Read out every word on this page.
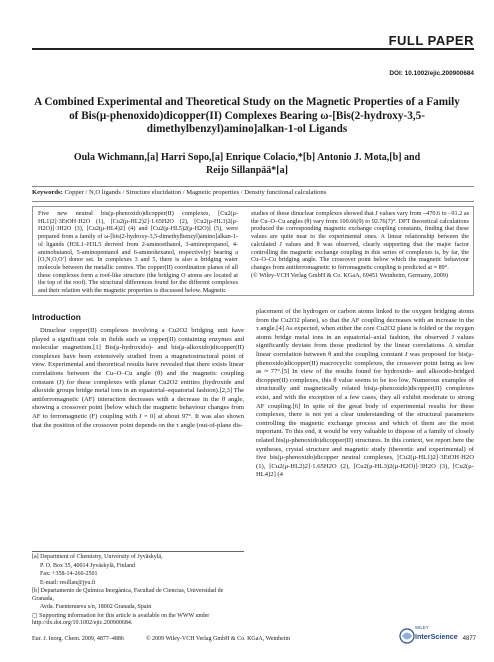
FULL PAPER
DOI: 10.1002/ejic.200900684
A Combined Experimental and Theoretical Study on the Magnetic Properties of a Family of Bis(μ-phenoxido)dicopper(II) Complexes Bearing ω-[Bis(2-hydroxy-3,5-dimethylbenzyl)amino]alkan-1-ol Ligands
Oula Wichmann,[a] Harri Sopo,[a] Enrique Colacio,*[b] Antonio J. Mota,[b] and
Reijo Sillanpää*[a]
Keywords: Copper / N,O ligands / Structure elucidation / Magnetic properties / Density functional calculations
Five new neutral bis(μ-phenoxido)dicopper(II) complexes, [Cu2(μ-HL1)2]·3EtOH·H2O (1), [Cu2(μ-HL2)2]·1.65H2O (2), [Cu2(μ-HL3)2(μ-H2O)]·3H2O (3), [Cu2(μ-HL4)2] (4) and [Cu2(μ-HL5)2(μ-H2O)] (5), were prepared from a family of ω-[bis(2-hydroxy-3,5-dimethylbenzyl)amino]alkan-1-ol ligands (H3L1–H3L5 derived from 2-aminoethanol, 3-aminopropanol, 4-aminobutanol, 5-aminopentanol and 6-aminohexanol, respectively) bearing a [O,N,O,O′] donor set. In complexes 3 and 5, there is also a bridging water molecule between the metallic centres. The copper(II) coordination planes of all these complexes form a roof-like structure (the bridging O atoms are located at the top of the roof). The structural differences found for the different complexes and their relation with the magnetic properties is discussed below. Magnetic
studies of these dinuclear complexes showed that J values vary from –470.6 to –91.2 as the Cu–O–Cu angles (θ) vary from 100.66(9) to 92.76(7)°. DFT theoretical calculations produced the corresponding magnetic exchange coupling constants, finding that these values are quite near to the experimental ones. A linear relationship between the calculated J values and θ was observed, clearly supporting that the major factor controlling the magnetic exchange coupling in this series of complexes is, by far, the Cu–O–Cu bridging angle. The crossover point below which the magnetic behaviour changes from antiferromagnetic to ferromagnetic coupling is predicted at ≈ 89°.
(© Wiley-VCH Verlag GmbH & Co. KGaA, 69451 Weinheim, Germany, 2009)
Introduction

Dinuclear copper(II) complexes involving a Cu2O2 bridging unit have played a significant role in fields such as copper(II) containing enzymes and molecular magnetism.[1] Bis(μ-hydroxido)- and bis(μ-alkoxido)dicopper(II) complexes have been extensively studied from a magnetostructural point of view. Experimental and theoretical results have revealed that there exists linear correlations between the Cu–O–Cu angle (θ) and the magnetic coupling constant (J) for these complexes with planar Cu2O2 entities (hydroxide and alkoxide groups bridge metal ions in an equatorial–equatorial fashion).[2,3] The antiferromagnetic (AF) interaction decreases with a decrease in the θ angle, showing a crossover point [below which the magnetic behaviour changes from AF to ferromagnetic (F) coupling with J = 0] at about 97°. It was also shown that the position of the crossover point depends on the τ angle (out-of-plane dis-

placement of the hydrogen or carbon atoms linked to the oxygen bridging atoms from the Cu2O2 plane), so that the AF coupling decreases with an increase in the τ angle.[4] As expected, when either the core Cu2O2 plane is folded or the oxygen atoms bridge metal ions in an equatorial–axial fashion, the observed J values significantly deviate from those predicted by the linear correlations. A similar linear correlation between θ and the coupling constant J was proposed for bis(μ-phenoxido)dicopper(II) macrocyclic complexes, the crossover point being as low as ≈ 77°.[5] In view of the results found for hydroxido- and alkoxido-bridged dicopper(II) complexes, this θ value seems to be too low. Numerous examples of structurally and magnetically related bis(μ-phenoxido)dicopper(II) complexes exist, and with the exception of a few cases, they all exhibit moderate to strong AF coupling.[6] In spite of the great body of experimental results for these complexes, there is not yet a clear understanding of the structural parameters controlling the magnetic exchange process and which of them are the most important. To this end, it would be very valuable to dispose of a family of closely related bis(μ-phenoxido)dicopper(II) structures. In this context, we report here the syntheses, crystal structure and magnetic study (theoretic and experimental) of five bis(μ-phenoxido)dicopper neutral complexes, [Cu2(μ-HL1)2]·3EtOH·H2O (1), [Cu2(μ-HL2)2]·1.65H2O (2), [Cu2(μ-HL3)2(μ-H2O)]·3H2O (3), [Cu2(μ-HL4)2] (4

[a] Department of Chemistry, University of Jyväskylä,
P. O. Box 35, 40014 Jyväskylä, Finland
Fax: +358-14-260-2501
E-mail: resillan@jyu.fi
[b] Departamento de Química Inorgánica, Facultad de Ciencias, Universidad de Granada,
Avda. Fuentenueva s/n, 18002 Granada, Spain
▢ Supporting information for this article is available on the WWW under http://dx.doi.org/10.1002/ejic.200900684.
Eur. J. Inorg. Chem. 2009, 4877–4886	© 2009 Wiley-VCH Verlag GmbH & Co. KGaA, Weinheim
WILEY
InterScience 4877
